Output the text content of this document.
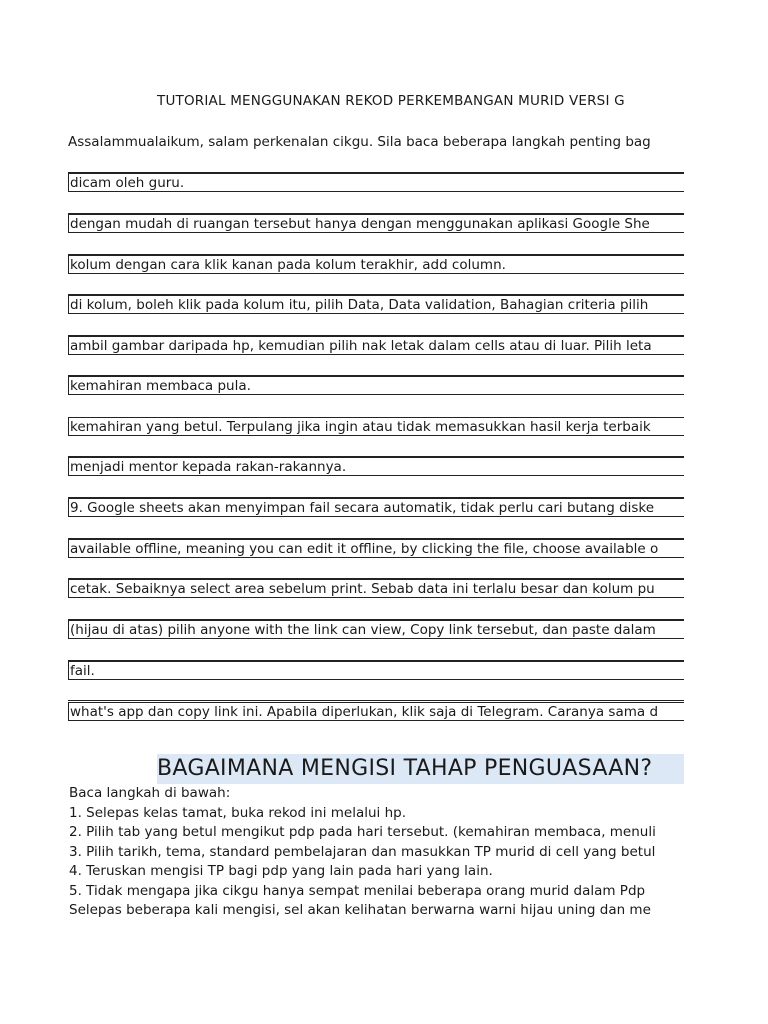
TUTORIAL MENGGUNAKAN REKOD PERKEMBANGAN MURID VERSI G
Assalammualaikum, salam perkenalan cikgu. Sila baca beberapa langkah penting bag
dicam oleh guru.
dengan mudah di ruangan tersebut hanya dengan menggunakan aplikasi Google She
kolum dengan cara klik kanan pada kolum terakhir, add column.
di kolum, boleh klik pada kolum itu, pilih Data, Data validation, Bahagian criteria pilih
ambil gambar daripada hp, kemudian pilih nak letak dalam cells atau di luar. Pilih leta
kemahiran membaca pula.
kemahiran yang betul. Terpulang jika ingin atau tidak memasukkan hasil kerja terbaik
menjadi mentor kepada rakan-rakannya.
9. Google sheets akan menyimpan fail secara automatik, tidak perlu cari butang diske
available offline, meaning you can edit it offline, by clicking the file, choose available o
cetak. Sebaiknya select area sebelum print. Sebab data ini terlalu besar dan kolum pu
(hijau di atas) pilih anyone with the link can view, Copy link tersebut, dan paste dalam
fail.
what's app dan copy link ini. Apabila diperlukan, klik saja di Telegram. Caranya sama d
BAGAIMANA MENGISI TAHAP PENGUASAAN?
Baca langkah di bawah:
1. Selepas kelas tamat, buka rekod ini melalui hp.
2. Pilih tab yang betul mengikut pdp pada hari tersebut. (kemahiran membaca, menuli
3. Pilih tarikh, tema, standard pembelajaran dan masukkan TP murid di cell yang betul
4. Teruskan mengisi TP bagi pdp yang lain pada hari yang lain.
5. Tidak mengapa jika cikgu hanya sempat menilai beberapa orang murid dalam Pdp
Selepas beberapa kali mengisi, sel akan kelihatan berwarna warni hijau uning dan me
